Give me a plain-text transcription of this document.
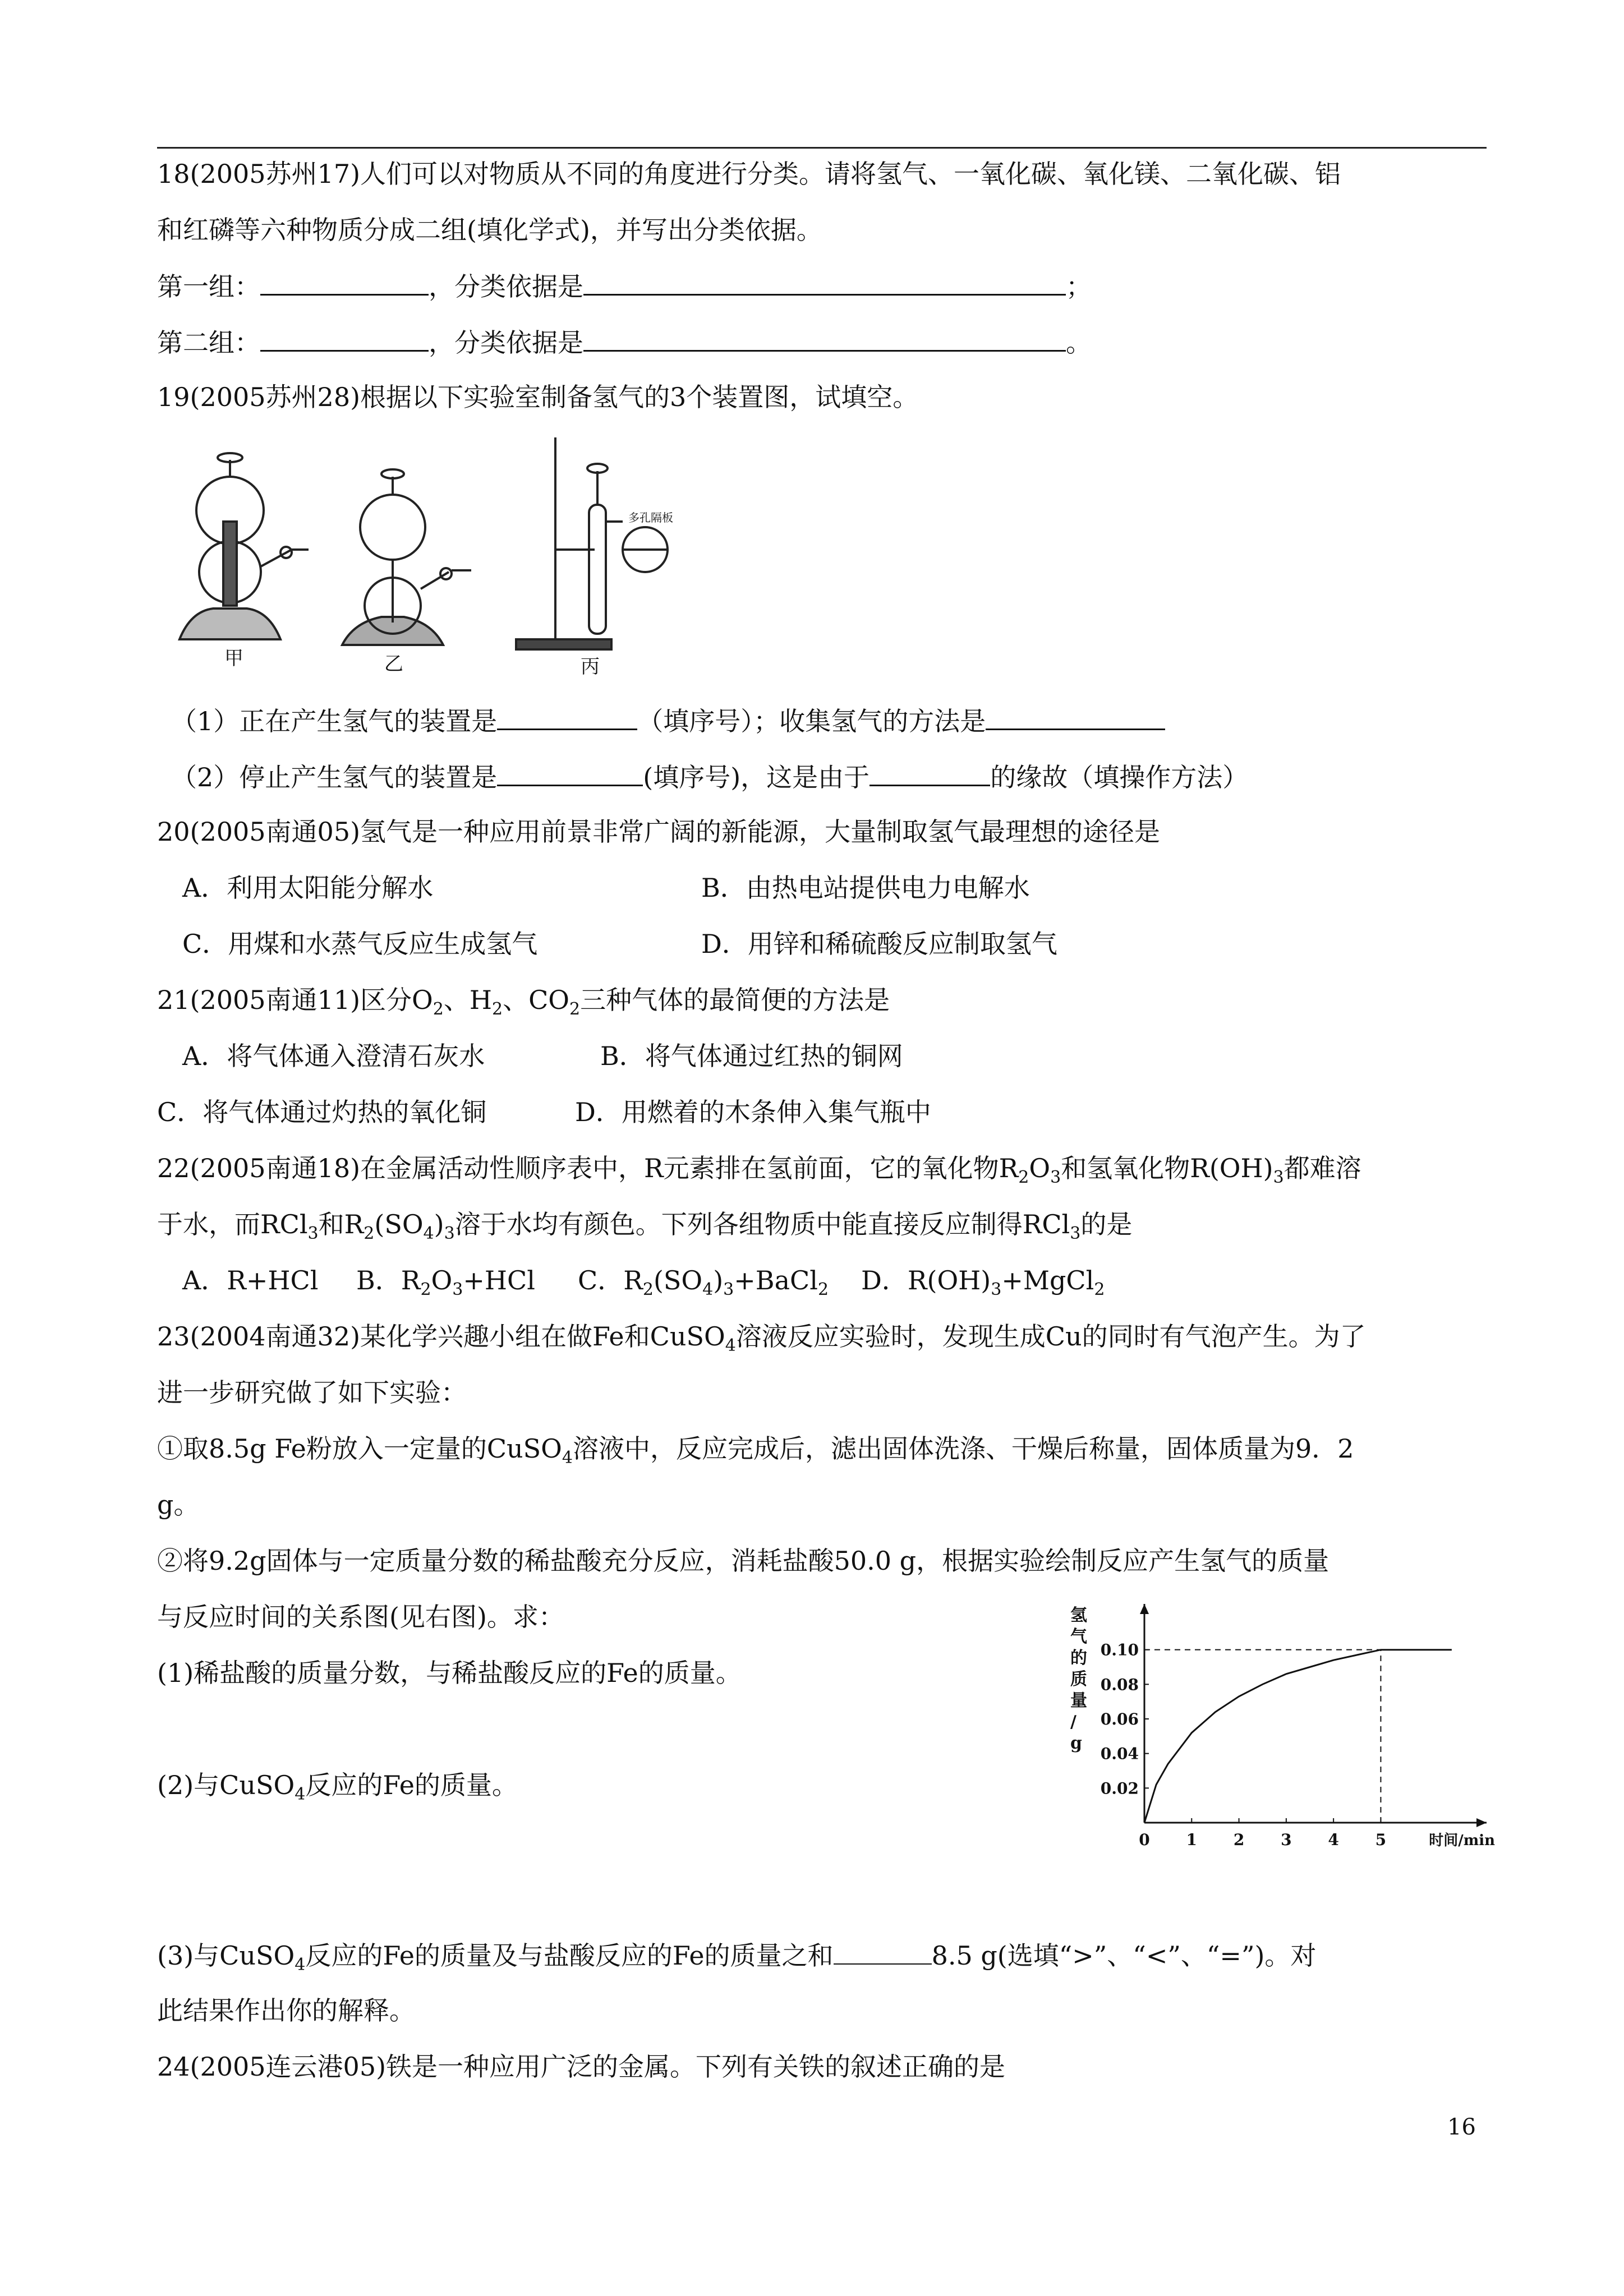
18(2005苏州17)人们可以对物质从不同的角度进行分类。请将氢气、一氧化碳、氧化镁、二氧化碳、铝
和红磷等六种物质分成二组(填化学式)，并写出分类依据。
第一组：	，分类依据是	；
第二组：	，分类依据是	。
19(2005苏州28)根据以下实验室制备氢气的3个装置图，试填空。
甲	乙
多孔隔板
丙
（1）正在产生氢气的装置是	（填序号）；收集氢气的方法是
（2）停止产生氢气的装置是	(填序号)，这是由于	的缘故（填操作方法）
20(2005南通05)氢气是一种应用前景非常广阔的新能源，大量制取氢气最理想的途径是
A．利用太阳能分解水	B．由热电站提供电力电解水
C．用煤和水蒸气反应生成氢气	D．用锌和稀硫酸反应制取氢气
21(2005南通11)区分$O_2$、$H_2$、$CO_2$三种气体的最简便的方法是
A．将气体通入澄清石灰水	B．将气体通过红热的铜网
C．将气体通过灼热的氧化铜	D．用燃着的木条伸入集气瓶中
22(2005南通18)在金属活动性顺序表中，R元素排在氢前面，它的氧化物$R_2O_3$和氢氧化物$R(OH)_3$都难溶
于水，而RCl$_3$和$R_2(SO_4)_3$溶于水均有颜色。下列各组物质中能直接反应制得RCl$_3$的是
A．R+HCl B．$R_2O_3+HCl$ C．$R_2(SO_4)_3+BaCl_2$ D．$R(OH)_3+MgCl_2$
23(2004南通32)某化学兴趣小组在做Fe和CuSO$_4$溶液反应实验时，发现生成Cu的同时有气泡产生。为了
进一步研究做了如下实验：
①取8.5g Fe粉放入一定量的CuSO$_4$溶液中，反应完成后，滤出固体洗涤、干燥后称量，固体质量为9．2
g。
②将9.2g固体与一定质量分数的稀盐酸充分反应，消耗盐酸50.0 g，根据实验绘制反应产生氢气的质量
与反应时间的关系图(见右图)。求：
(1)稀盐酸的质量分数，与稀盐酸反应的Fe的质量。
(2)与CuSO$_4$反应的Fe的质量。
0 1 2 3 4 5
0.02
0.04
0.06
0.08
0.10
时间/min
氢气的质量/ g
(3)与CuSO$_4$反应的Fe的质量及与盐酸反应的Fe的质量之和	8.5 g(选填“>”、“<”、“=”)。对
此结果作出你的解释。
24(2005连云港05)铁是一种应用广泛的金属。下列有关铁的叙述正确的是
16
